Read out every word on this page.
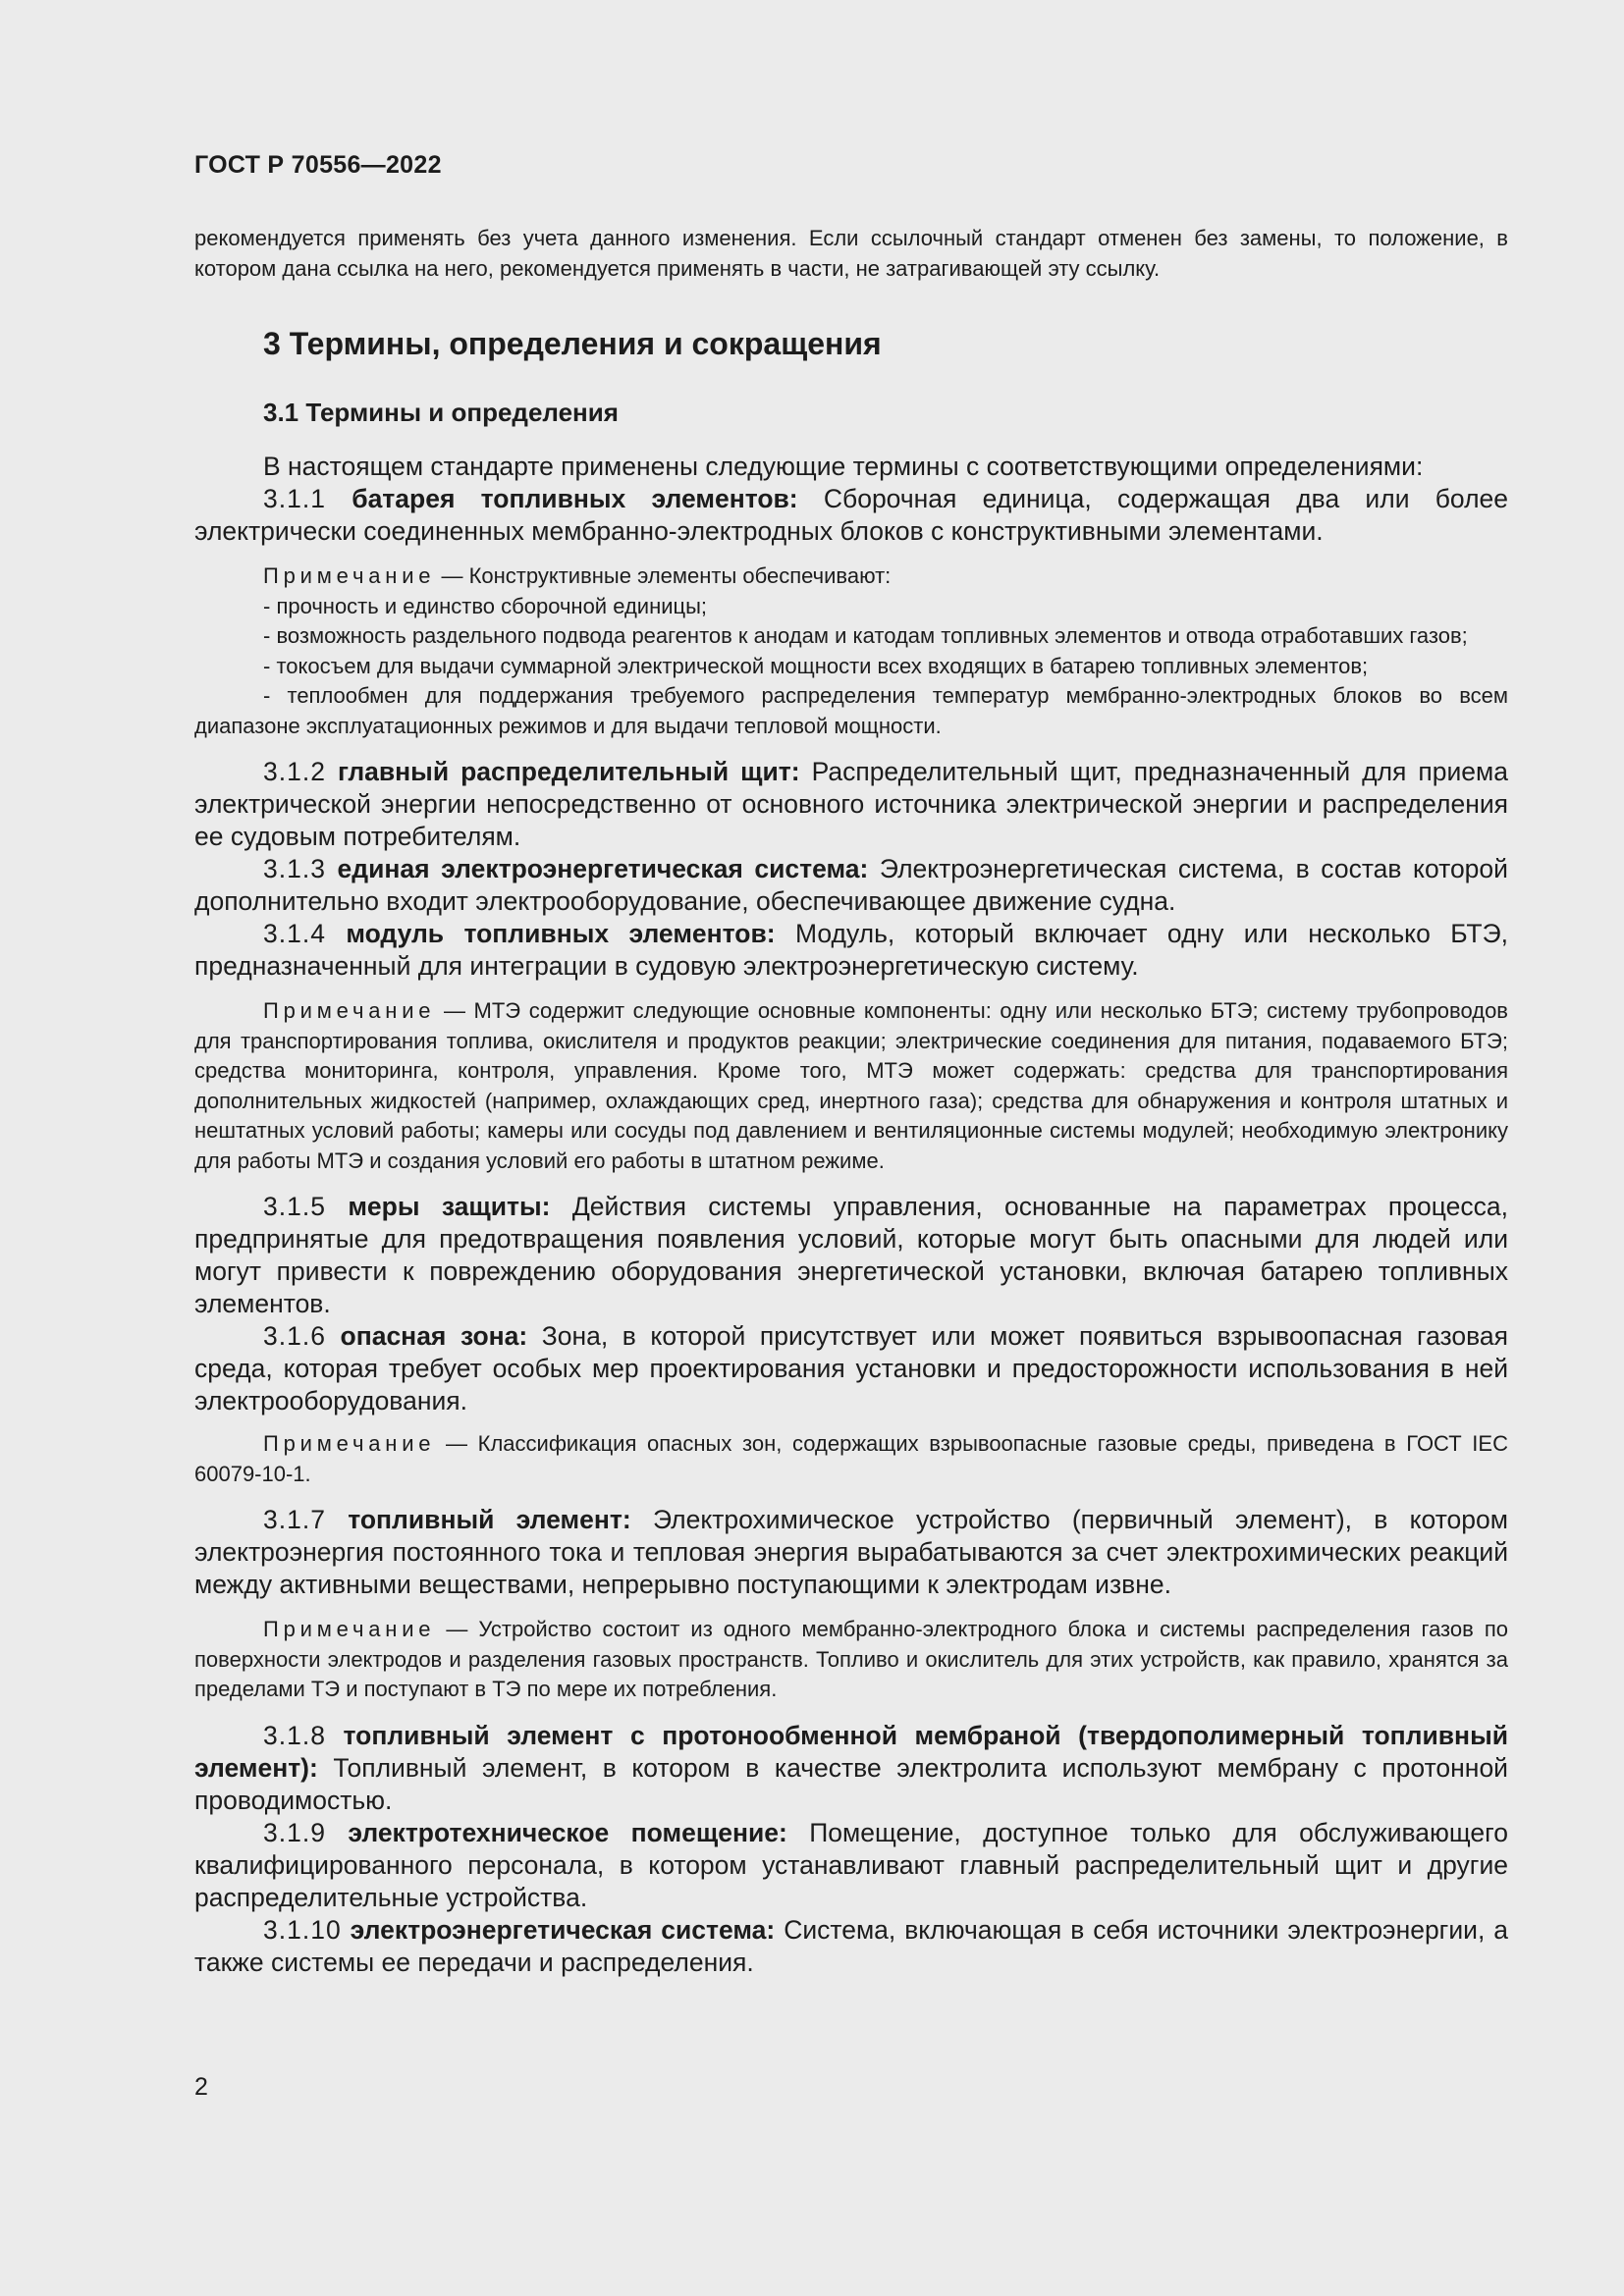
ГОСТ Р 70556—2022

рекомендуется применять без учета данного изменения. Если ссылочный стандарт отменен без замены, то положение, в котором дана ссылка на него, рекомендуется применять в части, не затрагивающей эту ссылку.

3 Термины, определения и сокращения
3.1 Термины и определения

В настоящем стандарте применены следующие термины с соответствующими определениями:

3.1.1 батарея топливных элементов: Сборочная единица, содержащая два или более электрически соединенных мембранно-электродных блоков с конструктивными элементами.

Примечание — Конструктивные элементы обеспечивают:

- прочность и единство сборочной единицы;

- возможность раздельного подвода реагентов к анодам и катодам топливных элементов и отвода отработавших газов;

- токосъем для выдачи суммарной электрической мощности всех входящих в батарею топливных элементов;

- теплообмен для поддержания требуемого распределения температур мембранно-электродных блоков во всем диапазоне эксплуатационных режимов и для выдачи тепловой мощности.

3.1.2 главный распределительный щит: Распределительный щит, предназначенный для приема электрической энергии непосредственно от основного источника электрической энергии и распределения ее судовым потребителям.

3.1.3 единая электроэнергетическая система: Электроэнергетическая система, в состав которой дополнительно входит электрооборудование, обеспечивающее движение судна.

3.1.4 модуль топливных элементов: Модуль, который включает одну или несколько БТЭ, предназначенный для интеграции в судовую электроэнергетическую систему.

Примечание — МТЭ содержит следующие основные компоненты: одну или несколько БТЭ; систему трубопроводов для транспортирования топлива, окислителя и продуктов реакции; электрические соединения для питания, подаваемого БТЭ; средства мониторинга, контроля, управления. Кроме того, МТЭ может содержать: средства для транспортирования дополнительных жидкостей (например, охлаждающих сред, инертного газа); средства для обнаружения и контроля штатных и нештатных условий работы; камеры или сосуды под давлением и вентиляционные системы модулей; необходимую электронику для работы МТЭ и создания условий его работы в штатном режиме.

3.1.5 меры защиты: Действия системы управления, основанные на параметрах процесса, предпринятые для предотвращения появления условий, которые могут быть опасными для людей или могут привести к повреждению оборудования энергетической установки, включая батарею топливных элементов.

3.1.6 опасная зона: Зона, в которой присутствует или может появиться взрывоопасная газовая среда, которая требует особых мер проектирования установки и предосторожности использования в ней электрооборудования.

Примечание — Классификация опасных зон, содержащих взрывоопасные газовые среды, приведена в ГОСТ IEC 60079-10-1.

3.1.7 топливный элемент: Электрохимическое устройство (первичный элемент), в котором электроэнергия постоянного тока и тепловая энергия вырабатываются за счет электрохимических реакций между активными веществами, непрерывно поступающими к электродам извне.

Примечание — Устройство состоит из одного мембранно-электродного блока и системы распределения газов по поверхности электродов и разделения газовых пространств. Топливо и окислитель для этих устройств, как правило, хранятся за пределами ТЭ и поступают в ТЭ по мере их потребления.

3.1.8 топливный элемент с протонообменной мембраной (твердополимерный топливный элемент): Топливный элемент, в котором в качестве электролита используют мембрану с протонной проводимостью.

3.1.9 электротехническое помещение: Помещение, доступное только для обслуживающего квалифицированного персонала, в котором устанавливают главный распределительный щит и другие распределительные устройства.

3.1.10 электроэнергетическая система: Система, включающая в себя источники электроэнергии, а также системы ее передачи и распределения.

2
